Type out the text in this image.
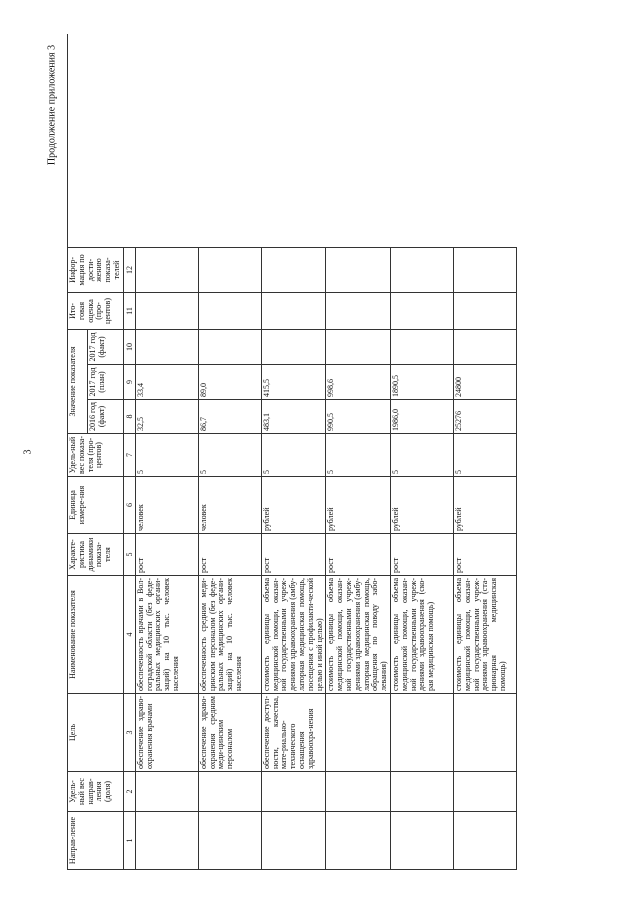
3
Продолжение приложения 3
Направ-ление	Удель-ный вес направ-ления (доля)	Цель	Наименование показателя	Характе-ристика динамики показа-теля	Единица измере-ния	Удель-ный вес показа-теля (про-центов)	Значение показателя			Ито-говая оценка (про-центов)	Инфор-мация по дости-жению показа-телей	
							2016 год (факт)	2017 год (план)	2017 год (факт)			
1	2	3	4	5	6	7	8	9	10	11	12	
		обеспечение здраво-охранения врачами	обеспеченность врачами в Вол-гоградской области (без феде-ральных медицинских органи-заций) на 10 тыс. человек населения	рост	человек	5	32,5	33,4				
		обеспечение здраво-охранения средним меди-цинским персоналом	обеспеченность средним меди-цинским персоналом (без феде-ральных медицинских органи-заций) на 10 тыс. человек населения	рост	человек	5	86,7	89,0				
		обеспечение доступ-ности, качества, мате-риально-технического оснащения здравоохра-нения	стоимость единицы объема медицинской помощи, оказан-ной государственными учреж-дениями здравоохранения (амбу-латорная медицинская помощь, посещения с профилакти-ческой целью и иной целью)	рост	рублей	5	483,1	415,5				
			стоимость единицы объема медицинской помощи, оказан-ной государственными учреж-дениями здравоохранения (амбу-латорная медицинская помощь, обращения по поводу забо-левания)	рост	рублей	5	990,5	998,6				
			стоимость единицы объема медицинской помощи, оказан-ной государственными учреж-дениями здравоохранения (ско-рая медицинская помощь)	рост	рублей	5	1986,0	1890,5				
			стоимость единицы объема медицинской помощи, оказан-ной государственными учреж-дениями здравоохранения (ста-ционарная медицинская помощь)	рост	рублей	5	25276	24800				
